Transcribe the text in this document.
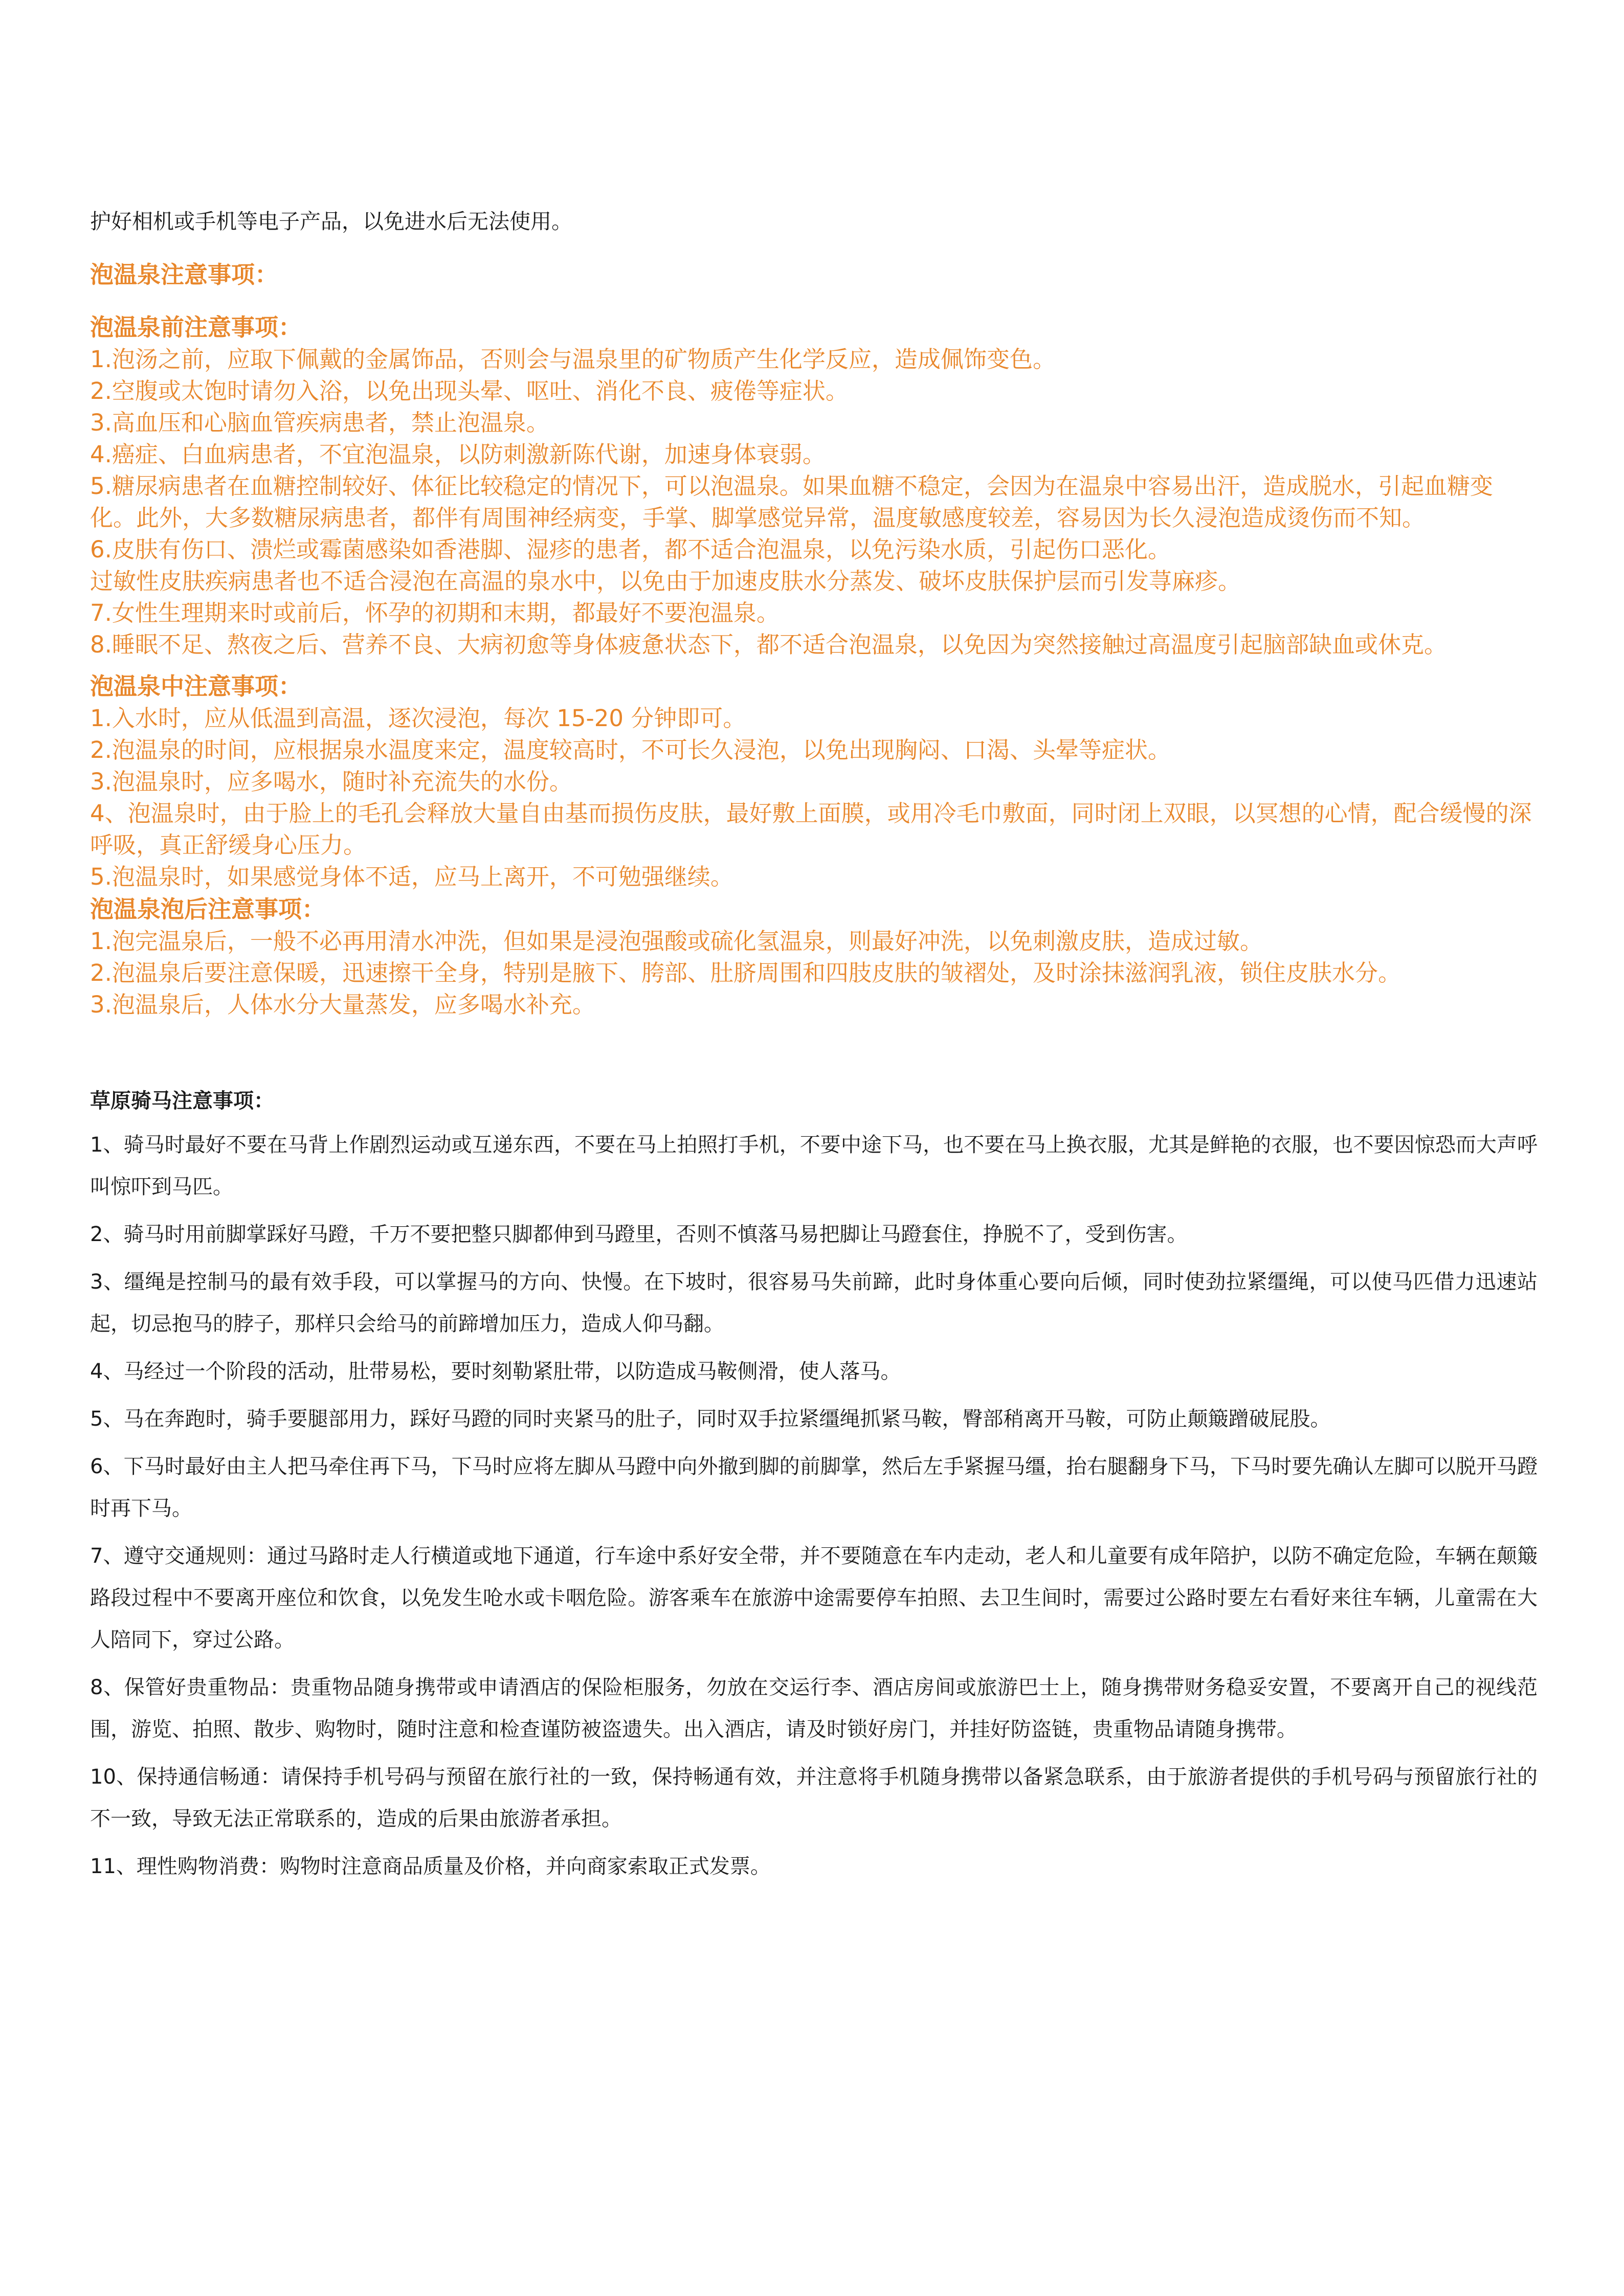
护好相机或手机等电子产品，以免进水后无法使用。

泡温泉注意事项：

泡温泉前注意事项：

1.泡汤之前，应取下佩戴的金属饰品，否则会与温泉里的矿物质产生化学反应，造成佩饰变色。

2.空腹或太饱时请勿入浴，以免出现头晕、呕吐、消化不良、疲倦等症状。

3.高血压和心脑血管疾病患者，禁止泡温泉。

4.癌症、白血病患者，不宜泡温泉，以防刺激新陈代谢，加速身体衰弱。

5.糖尿病患者在血糖控制较好、体征比较稳定的情况下，可以泡温泉。如果血糖不稳定，会因为在温泉中容易出汗，造成脱水，引起血糖变化。此外，大多数糖尿病患者，都伴有周围神经病变，手掌、脚掌感觉异常，温度敏感度较差，容易因为长久浸泡造成烫伤而不知。

6.皮肤有伤口、溃烂或霉菌感染如香港脚、湿疹的患者，都不适合泡温泉，以免污染水质，引起伤口恶化。

过敏性皮肤疾病患者也不适合浸泡在高温的泉水中，以免由于加速皮肤水分蒸发、破坏皮肤保护层而引发荨麻疹。

7.女性生理期来时或前后，怀孕的初期和末期，都最好不要泡温泉。

8.睡眠不足、熬夜之后、营养不良、大病初愈等身体疲惫状态下，都不适合泡温泉，以免因为突然接触过高温度引起脑部缺血或休克。

泡温泉中注意事项：

1.入水时，应从低温到高温，逐次浸泡，每次 15-20 分钟即可。

2.泡温泉的时间，应根据泉水温度来定，温度较高时，不可长久浸泡，以免出现胸闷、口渴、头晕等症状。

3.泡温泉时，应多喝水，随时补充流失的水份。

4、泡温泉时，由于脸上的毛孔会释放大量自由基而损伤皮肤，最好敷上面膜，或用冷毛巾敷面，同时闭上双眼，以冥想的心情，配合缓慢的深呼吸，真正舒缓身心压力。

5.泡温泉时，如果感觉身体不适，应马上离开，不可勉强继续。

泡温泉泡后注意事项：

1.泡完温泉后，一般不必再用清水冲洗，但如果是浸泡强酸或硫化氢温泉，则最好冲洗，以免刺激皮肤，造成过敏。

2.泡温泉后要注意保暖，迅速擦干全身，特别是腋下、胯部、肚脐周围和四肢皮肤的皱褶处，及时涂抹滋润乳液，锁住皮肤水分。

3.泡温泉后，人体水分大量蒸发，应多喝水补充。

草原骑马注意事项：

1、骑马时最好不要在马背上作剧烈运动或互递东西，不要在马上拍照打手机，不要中途下马，也不要在马上换衣服，尤其是鲜艳的衣服，也不要因惊恐而大声呼叫惊吓到马匹。

2、骑马时用前脚掌踩好马蹬，千万不要把整只脚都伸到马蹬里，否则不慎落马易把脚让马蹬套住，挣脱不了，受到伤害。

3、缰绳是控制马的最有效手段，可以掌握马的方向、快慢。在下坡时，很容易马失前蹄，此时身体重心要向后倾，同时使劲拉紧缰绳，可以使马匹借力迅速站起，切忌抱马的脖子，那样只会给马的前蹄增加压力，造成人仰马翻。

4、马经过一个阶段的活动，肚带易松，要时刻勒紧肚带，以防造成马鞍侧滑，使人落马。

5、马在奔跑时，骑手要腿部用力，踩好马蹬的同时夹紧马的肚子，同时双手拉紧缰绳抓紧马鞍，臀部稍离开马鞍，可防止颠簸蹭破屁股。

6、下马时最好由主人把马牵住再下马，下马时应将左脚从马蹬中向外撤到脚的前脚掌，然后左手紧握马缰，抬右腿翻身下马，下马时要先确认左脚可以脱开马蹬时再下马。

7、遵守交通规则：通过马路时走人行横道或地下通道，行车途中系好安全带，并不要随意在车内走动，老人和儿童要有成年陪护，以防不确定危险，车辆在颠簸路段过程中不要离开座位和饮食，以免发生呛水或卡咽危险。游客乘车在旅游中途需要停车拍照、去卫生间时，需要过公路时要左右看好来往车辆，儿童需在大人陪同下，穿过公路。

8、保管好贵重物品：贵重物品随身携带或申请酒店的保险柜服务，勿放在交运行李、酒店房间或旅游巴士上，随身携带财务稳妥安置，不要离开自己的视线范围，游览、拍照、散步、购物时，随时注意和检查谨防被盗遗失。出入酒店，请及时锁好房门，并挂好防盗链，贵重物品请随身携带。

10、保持通信畅通：请保持手机号码与预留在旅行社的一致，保持畅通有效，并注意将手机随身携带以备紧急联系，由于旅游者提供的手机号码与预留旅行社的不一致，导致无法正常联系的，造成的后果由旅游者承担。

11、理性购物消费：购物时注意商品质量及价格，并向商家索取正式发票。
